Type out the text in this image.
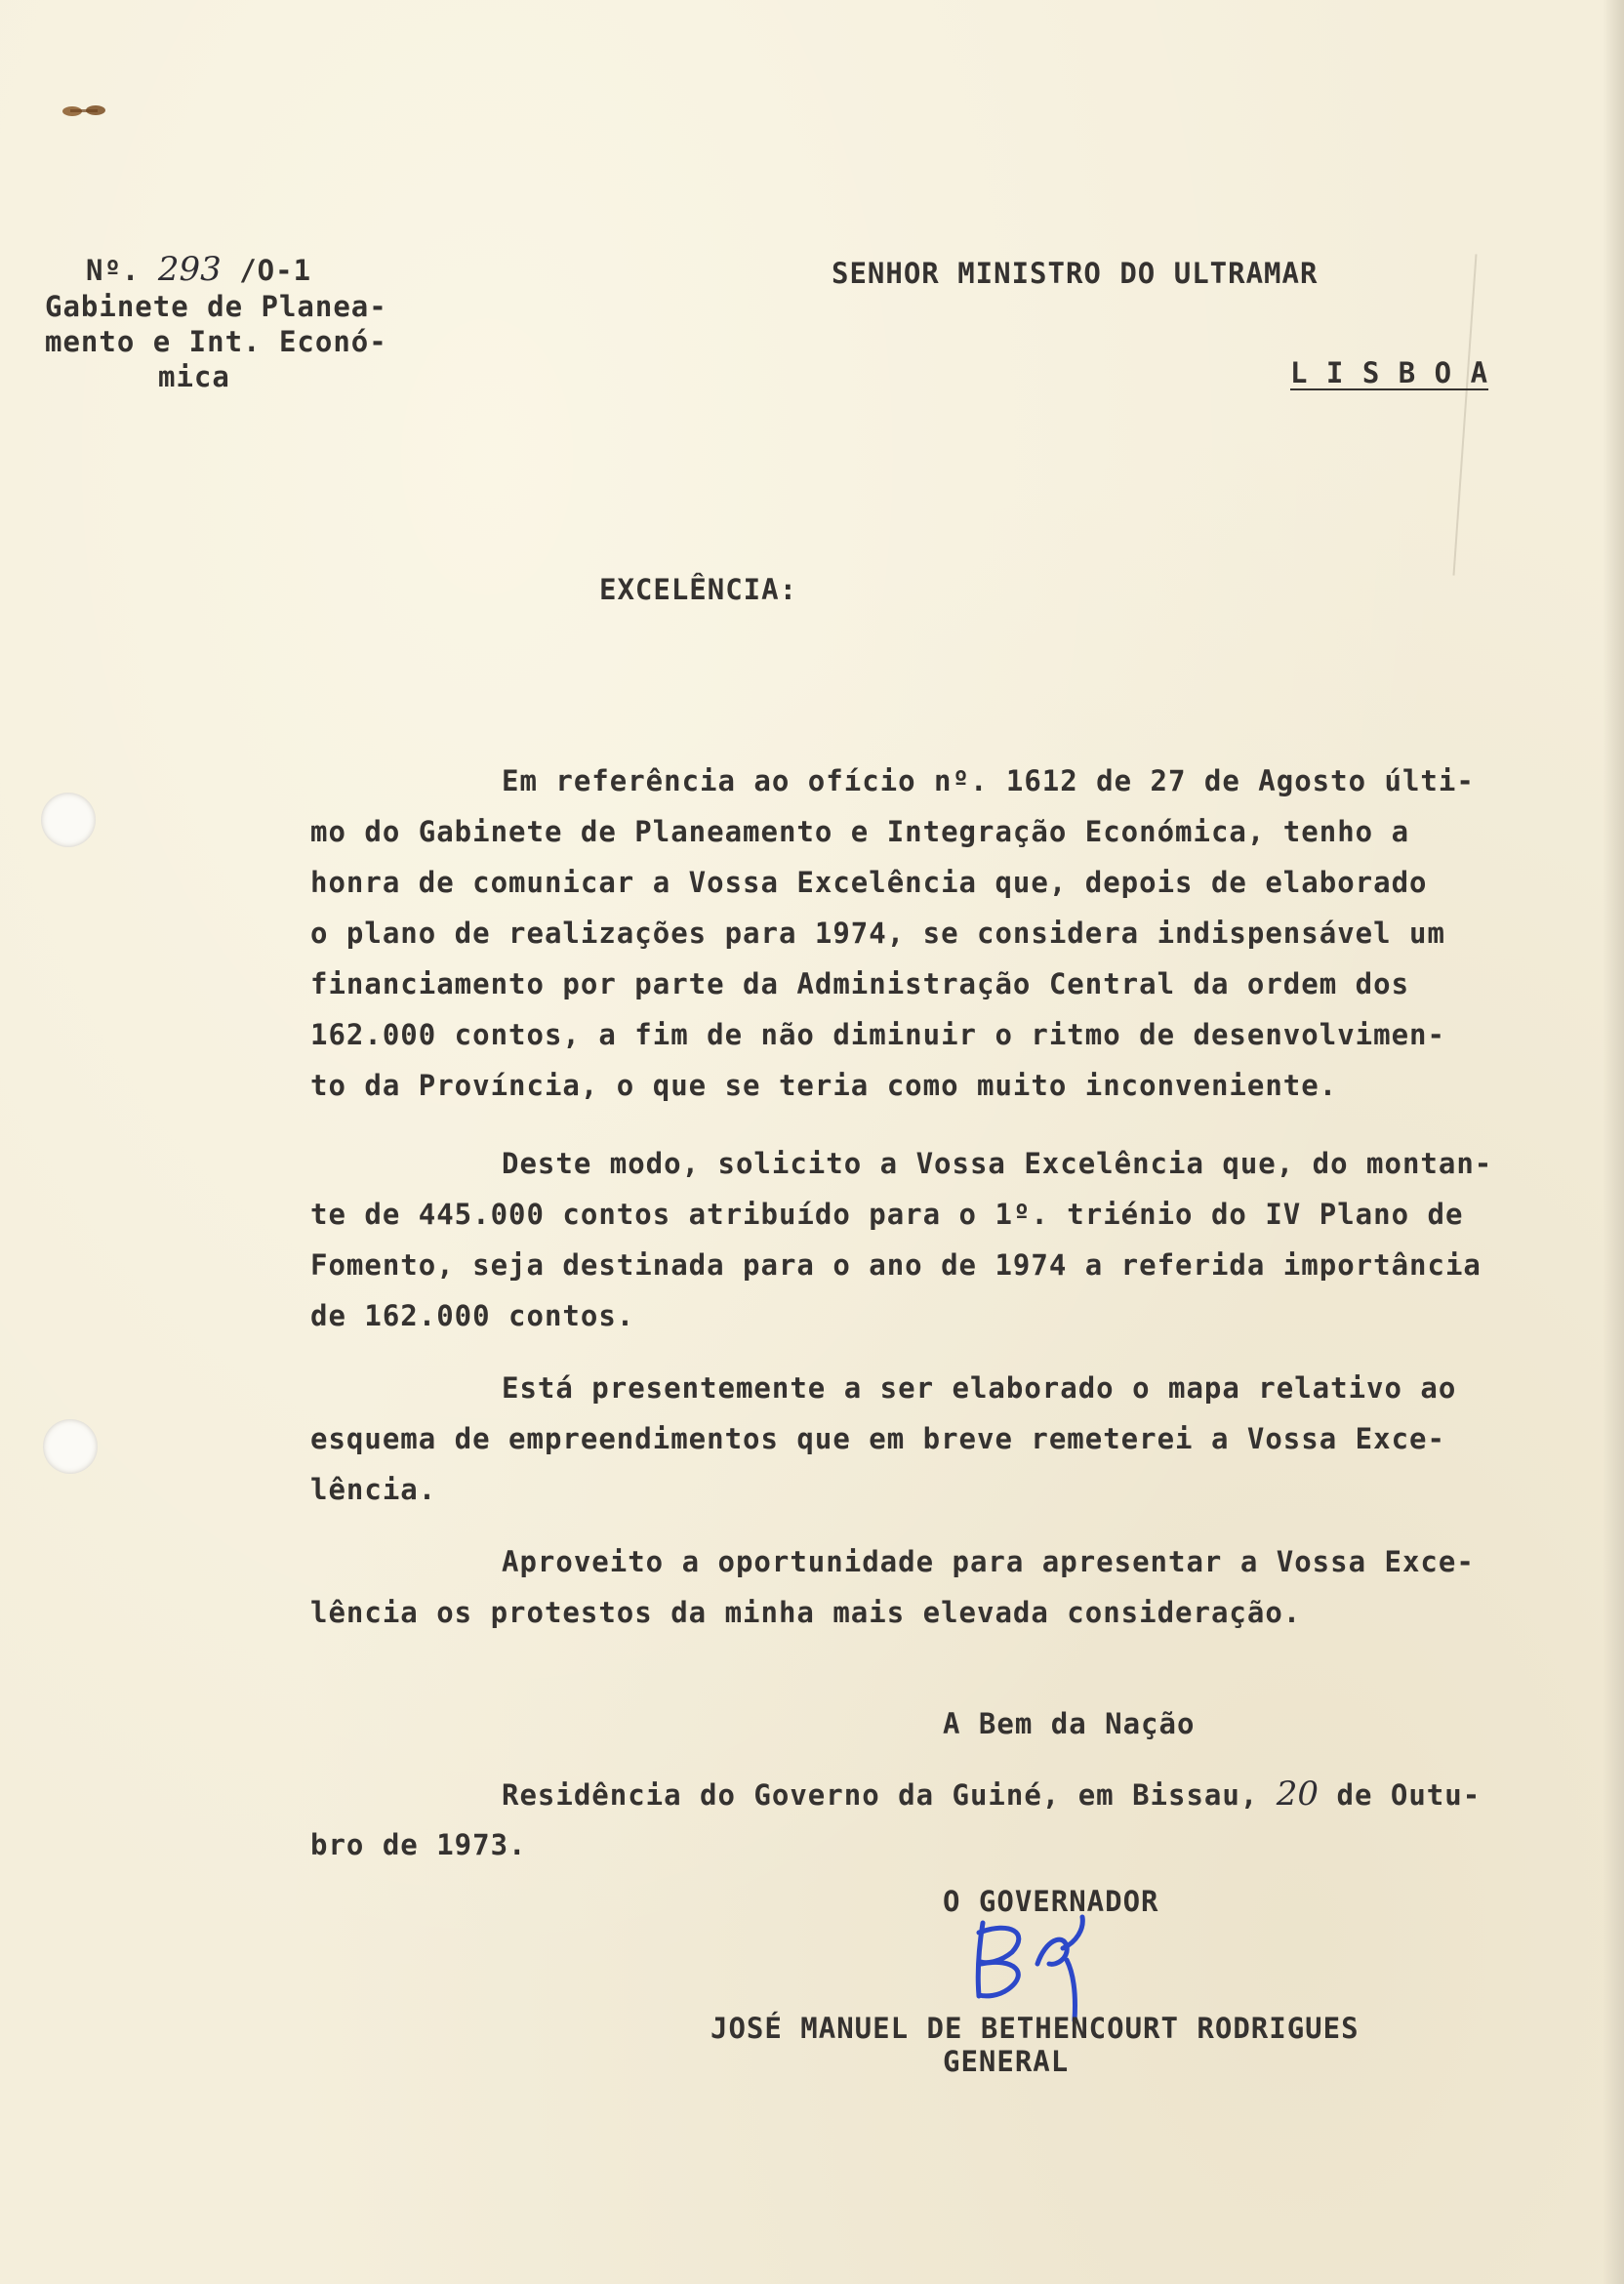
Nº. 293 /O-1
Gabinete de Planea-
mento e Int. Econó-
mica
SENHOR MINISTRO DO ULTRAMAR
L I S B O A
EXCELÊNCIA:
Em referência ao ofício nº. 1612 de 27 de Agosto últi-
mo do Gabinete de Planeamento e Integração Económica, tenho a
honra de comunicar a Vossa Excelência que, depois de elaborado
o plano de realizações para 1974, se considera indispensável um
financiamento por parte da Administração Central da ordem dos
162.000 contos, a fim de não diminuir o ritmo de desenvolvimen-
to da Província, o que se teria como muito inconveniente.
Deste modo, solicito a Vossa Excelência que, do montan-
te de 445.000 contos atribuído para o 1º. triénio do IV Plano de
Fomento, seja destinada para o ano de 1974 a referida importância
de 162.000 contos.
Está presentemente a ser elaborado o mapa relativo ao
esquema de empreendimentos que em breve remeterei a Vossa Exce-
lência.
Aproveito a oportunidade para apresentar a Vossa Exce-
lência os protestos da minha mais elevada consideração.
A Bem da Nação
Residência do Governo da Guiné, em Bissau, 20 de Outu-
bro de 1973.
O GOVERNADOR
JOSÉ MANUEL DE BETHENCOURT RODRIGUES
GENERAL
